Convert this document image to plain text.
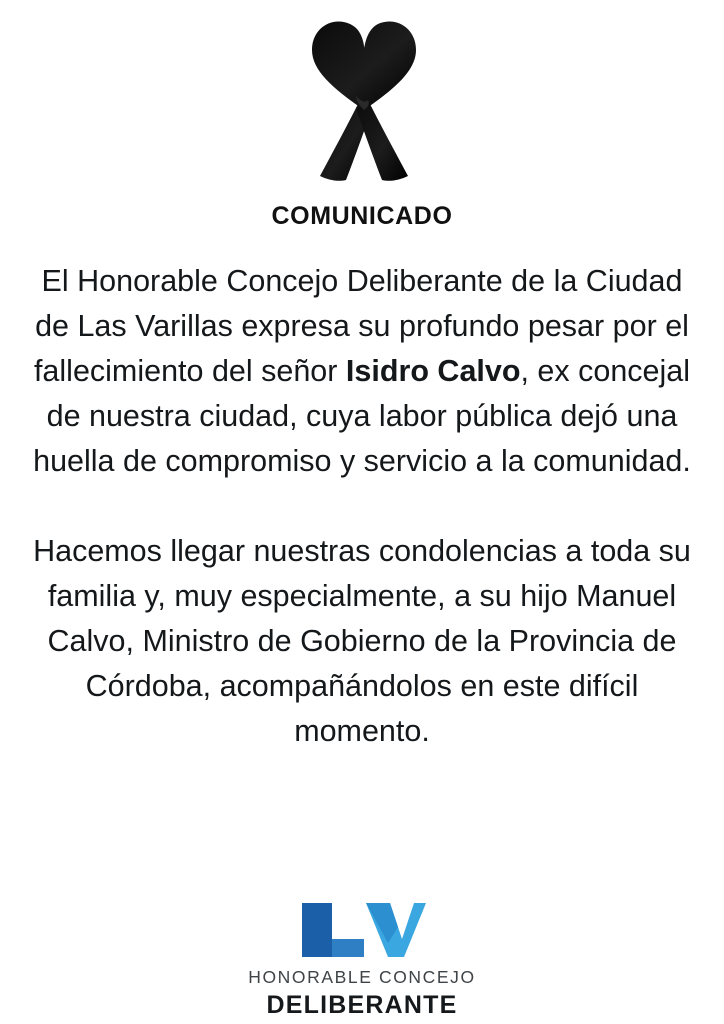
COMUNICADO

El Honorable Concejo Deliberante de la Ciudad de Las Varillas expresa su profundo pesar por el fallecimiento del señor Isidro Calvo, ex concejal de nuestra ciudad, cuya labor pública dejó una huella de compromiso y servicio a la comunidad.

Hacemos llegar nuestras condolencias a toda su familia y, muy especialmente, a su hijo Manuel Calvo, Ministro de Gobierno de la Provincia de Córdoba, acompañándolos en este difícil momento.

HONORABLE CONCEJO
DELIBERANTE
